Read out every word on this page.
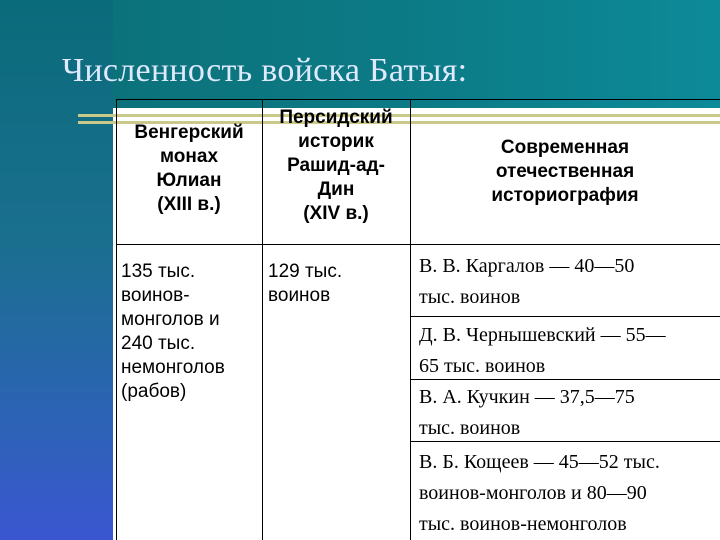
Численность войска Батыя:
Венгерский
монах
Юлиан
(XIII в.)
Персидский
историк
Рашид-ад-
Дин
(XIV в.)
Современная
отечественная
историография
135 тыс.
воинов-
монголов и
240 тыс.
немонголов
(рабов)
129 тыс.
воинов
В. В. Каргалов — 40—50
тыс. воинов
Д. В. Чернышевский — 55—
65 тыс. воинов
В. А. Кучкин — 37,5—75
тыс. воинов
В. Б. Кощеев — 45—52 тыс.
воинов-монголов и 80—90
тыс. воинов-немонголов
